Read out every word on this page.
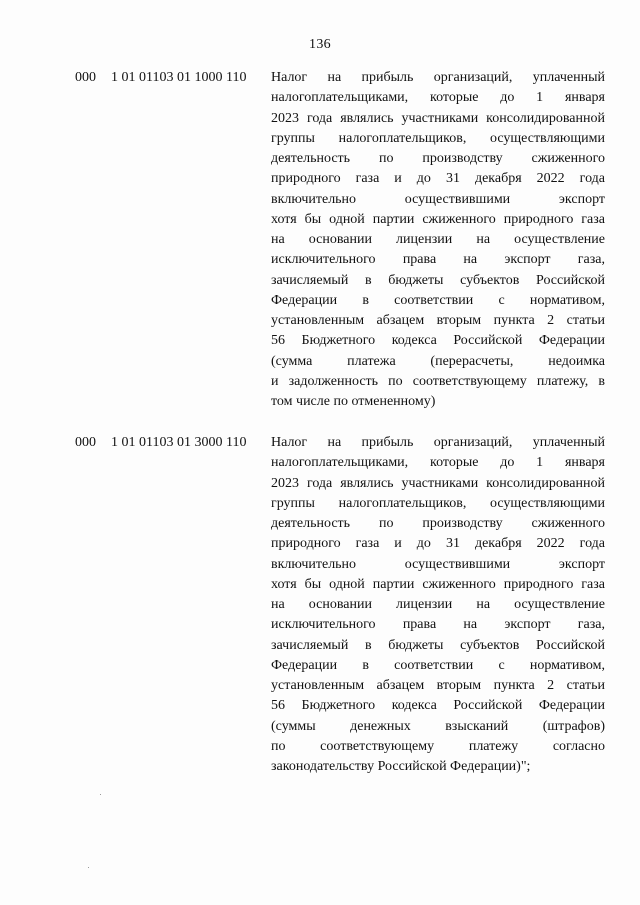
136
000 1 01 01103 01 1000 110 Налог на прибыль организаций, уплаченный
налогоплательщиками, которые до 1 января
2023 года являлись участниками консолидированной
группы налогоплательщиков, осуществляющими
деятельность по производству сжиженного
природного газа и до 31 декабря 2022 года
включительно осуществившими экспорт
хотя бы одной партии сжиженного природного газа
на основании лицензии на осуществление
исключительного права на экспорт газа,
зачисляемый в бюджеты субъектов Российской
Федерации в соответствии с нормативом,
установленным абзацем вторым пункта 2 статьи
56 Бюджетного кодекса Российской Федерации
(сумма платежа (перерасчеты, недоимка
и задолженность по соответствующему платежу, в
том числе по отмененному)
000 1 01 01103 01 3000 110 Налог на прибыль организаций, уплаченный
налогоплательщиками, которые до 1 января
2023 года являлись участниками консолидированной
группы налогоплательщиков, осуществляющими
деятельность по производству сжиженного
природного газа и до 31 декабря 2022 года
включительно осуществившими экспорт
хотя бы одной партии сжиженного природного газа
на основании лицензии на осуществление
исключительного права на экспорт газа,
зачисляемый в бюджеты субъектов Российской
Федерации в соответствии с нормативом,
установленным абзацем вторым пункта 2 статьи
56 Бюджетного кодекса Российской Федерации
(суммы денежных взысканий (штрафов)
по соответствующему платежу согласно
законодательству Российской Федерации)";
